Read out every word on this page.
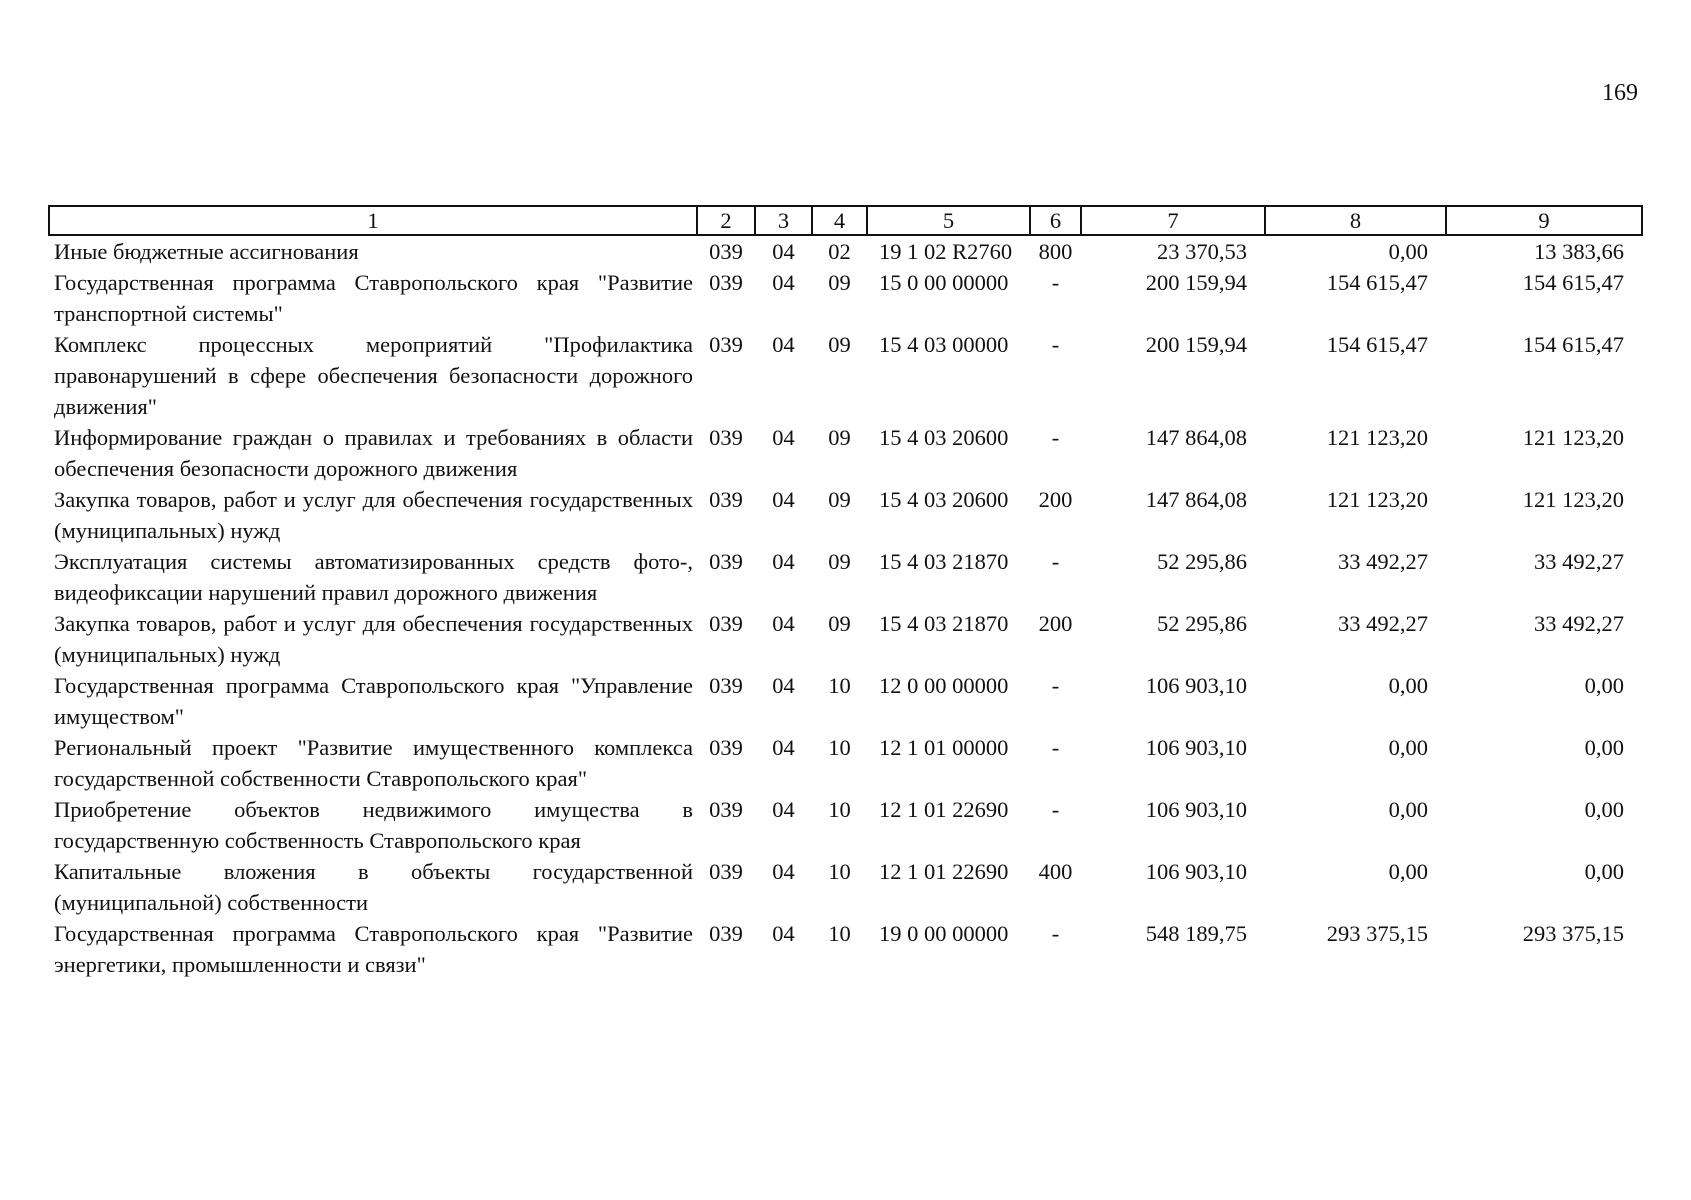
169
1	2	3	4	5	6	7	8	9
Иные бюджетные ассигнования	039	04	02	19 1 02 R2760	800	23 370,53	0,00	13 383,66
Государственная программа Ставропольского края "Развитие транспортной системы"	039	04	09	15 0 00 00000	-	200 159,94	154 615,47	154 615,47
Комплекс процессных мероприятий "Профилактика правонарушений в сфере обеспечения безопасности дорожного движения"	039	04	09	15 4 03 00000	-	200 159,94	154 615,47	154 615,47
Информирование граждан о правилах и требованиях в области обеспечения безопасности дорожного движения	039	04	09	15 4 03 20600	-	147 864,08	121 123,20	121 123,20
Закупка товаров, работ и услуг для обеспечения государственных (муниципальных) нужд	039	04	09	15 4 03 20600	200	147 864,08	121 123,20	121 123,20
Эксплуатация системы автоматизированных средств фото-, видеофиксации нарушений правил дорожного движения	039	04	09	15 4 03 21870	-	52 295,86	33 492,27	33 492,27
Закупка товаров, работ и услуг для обеспечения государственных (муниципальных) нужд	039	04	09	15 4 03 21870	200	52 295,86	33 492,27	33 492,27
Государственная программа Ставропольского края "Управление имуществом"	039	04	10	12 0 00 00000	-	106 903,10	0,00	0,00
Региональный проект "Развитие имущественного комплекса государственной собственности Ставропольского края"	039	04	10	12 1 01 00000	-	106 903,10	0,00	0,00
Приобретение объектов недвижимого имущества в государственную собственность Ставропольского края	039	04	10	12 1 01 22690	-	106 903,10	0,00	0,00
Капитальные вложения в объекты государственной (муниципальной) собственности	039	04	10	12 1 01 22690	400	106 903,10	0,00	0,00
Государственная программа Ставропольского края "Развитие энергетики, промышленности и связи"	039	04	10	19 0 00 00000	-	548 189,75	293 375,15	293 375,15
